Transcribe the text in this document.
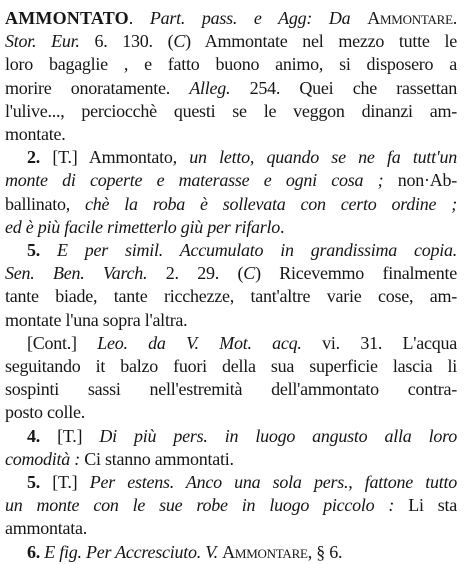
AMMONTATO. Part. pass. e Agg: Da Ammontare.
Stor. Eur. 6. 130. (C) Ammontate nel mezzo tutte le
loro bagaglie , e fatto buono animo, si disposero a
morire onoratamente. Alleg. 254. Quei che rassettan
l'ulive..., perciocchè questi se le veggon dinanzi am-
montate.
2. [T.] Ammontato, un letto, quando se ne fa tutt'un
monte di coperte e materasse e ogni cosa ; non·Ab-
ballinato, chè la roba è sollevata con certo ordine ;
ed è più facile rimetterlo giù per rifarlo.
5. E per simil. Accumulato in grandissima copia.
Sen. Ben. Varch. 2. 29. (C) Ricevemmo finalmente
tante biade, tante ricchezze, tant'altre varie cose, am-
montate l'una sopra l'altra.
[Cont.] Leo. da V. Mot. acq. vi. 31. L'acqua
seguitando it balzo fuori della sua superficie lascia li
sospinti sassi nell'estremità dell'ammontato contra-
posto colle.
4. [T.] Di più pers. in luogo angusto alla loro
comodità : Ci stanno ammontati.
5. [T.] Per estens. Anco una sola pers., fattone tutto
un monte con le sue robe in luogo piccolo : Li sta
ammontata.
6. E fig. Per Accresciuto. V. Ammontare, § 6.
